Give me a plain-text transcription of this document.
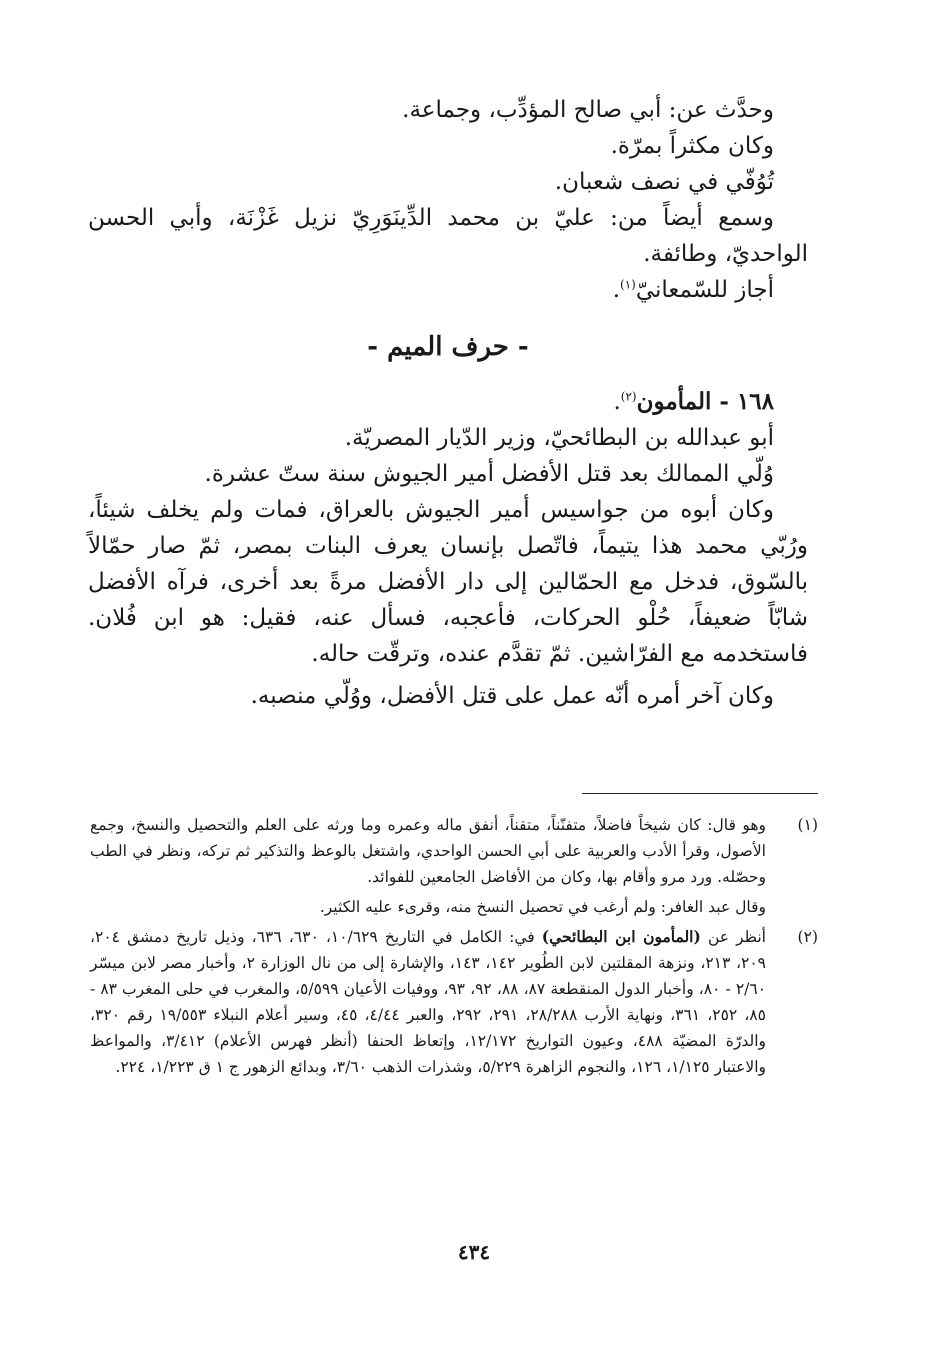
وحدَّث عن: أبي صالح المؤدِّب، وجماعة.

وكان مكثراً بمرّة.

تُوُفّي في نصف شعبان.

وسمع أيضاً من: عليّ بن محمد الدِّينَوَرِيّ نزيل غَزْنَة، وأبي الحسن الواحديّ، وطائفة.

أجاز للسّمعانيّ$^{(١)}$.

- حرف الميم -

١٦٨ - المأمون$^{(٢)}$.

أبو عبدالله بن البطائحيّ، وزير الدّيار المصريّة.

وُلّي الممالك بعد قتل الأفضل أمير الجيوش سنة ستّ عشرة.

وكان أبوه من جواسيس أمير الجيوش بالعراق، فمات ولم يخلف شيئاً، ورُبّي محمد هذا يتيماً، فاتّصل بإنسان يعرف البنات بمصر، ثمّ صار حمّالاً بالسّوق، فدخل مع الحمّالين إلى دار الأفضل مرةً بعد أخرى، فرآه الأفضل شابّاً ضعيفاً، حُلْو الحركات، فأعجبه، فسأل عنه، فقيل: هو ابن فُلان. فاستخدمه مع الفرّاشين. ثمّ تقدَّم عنده، وترقّت حاله.

وكان آخر أمره أنّه عمل على قتل الأفضل، ووُلّي منصبه.

(١)

وهو قال: كان شيخاً فاضلاً، متفنّناً، متقناً، أنفق ماله وعمره وما ورثه على العلم والتحصيل والنسخ، وجمع الأصول، وقرأ الأدب والعربية على أبي الحسن الواحدي، واشتغل بالوعظ والتذكير ثم تركه، ونظر في الطب وحصّله. ورد مرو وأقام بها، وكان من الأفاضل الجامعين للفوائد.

وقال عبد الغافر: ولم أرغب في تحصيل النسخ منه، وقرىء عليه الكثير.

(٢)

أنظر عن (المأمون ابن البطائحي) في: الكامل في التاريخ ١٠/٦٢٩، ٦٣٠، ٦٣٦، وذيل تاريخ دمشق ٢٠٤، ٢٠٩، ٢١٣، ونزهة المقلتين لابن الطُوير ١٤٢، ١٤٣، والإشارة إلى من نال الوزارة ٢، وأخبار مصر لابن ميسّر ٢/٦٠ - ٨٠، وأخبار الدول المنقطعة ٨٧، ٨٨، ٩٢، ٩٣، ووفيات الأعيان ٥/٥٩٩، والمغرب في حلى المغرب ٨٣ - ٨٥، ٢٥٢، ٣٦١، ونهاية الأرب ٢٨/٢٨٨، ٢٩١، ٢٩٢، والعبر ٤/٤٤، ٤٥، وسير أعلام النبلاء ١٩/٥٥٣ رقم ٣٢٠، والدرّة المضيّة ٤٨٨، وعيون التواريخ ١٢/١٧٢، وإتعاظ الحنفا (أنظر فهرس الأعلام) ٣/٤١٢، والمواعظ والاعتبار ١/١٢٥، ١٢٦، والنجوم الزاهرة ٥/٢٢٩، وشذرات الذهب ٣/٦٠، وبدائع الزهور ج ١ ق ١/٢٢٣، ٢٢٤.

٤٣٤
